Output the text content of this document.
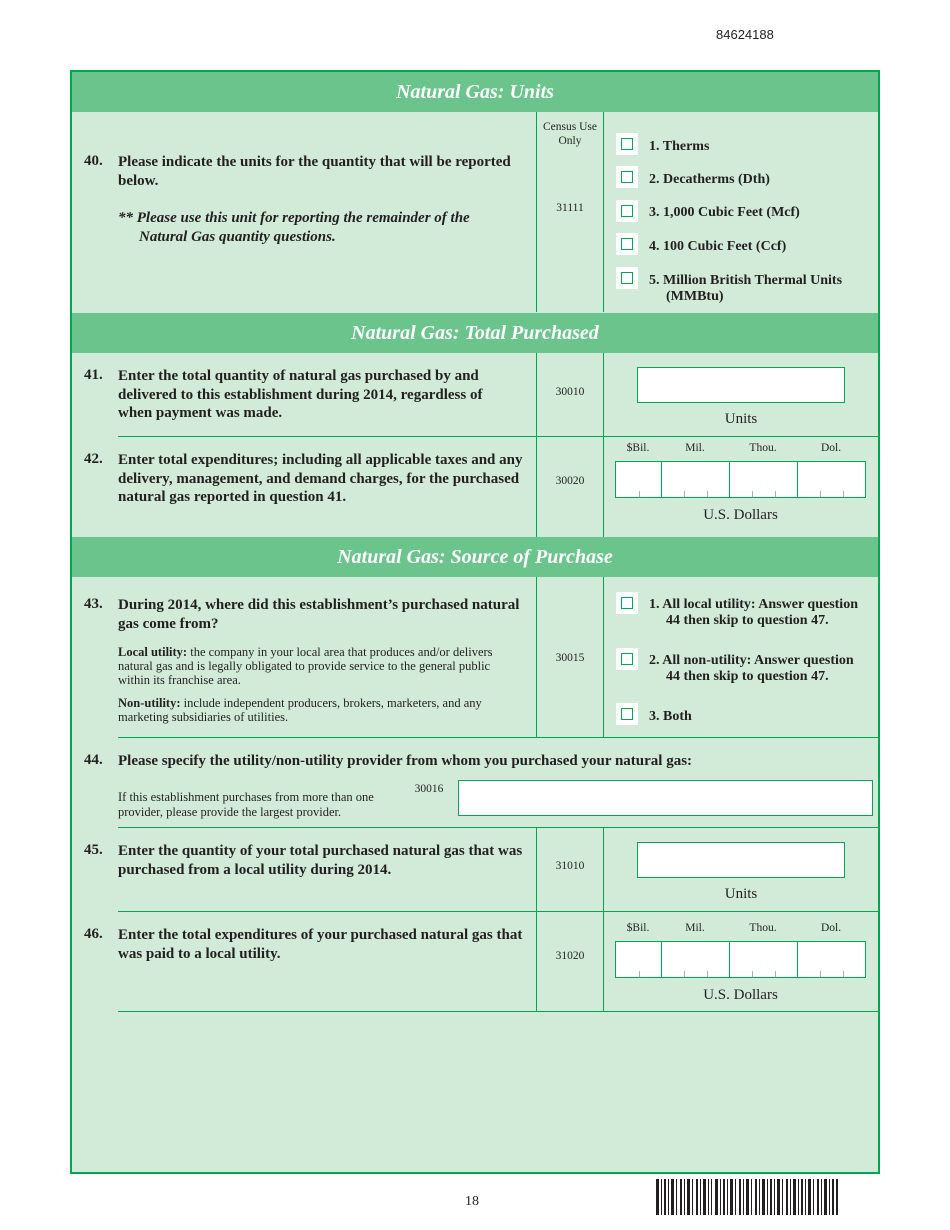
84624188
Natural Gas: Units
Census Use Only
40. Please indicate the units for the quantity that will be reported below.
** Please use this unit for reporting the remainder of the Natural Gas quantity questions.
31111
1. Therms
2. Decatherms (Dth)
3. 1,000 Cubic Feet (Mcf)
4. 100 Cubic Feet (Ccf)
5. Million British Thermal Units (MMBtu)
Natural Gas: Total Purchased
41. Enter the total quantity of natural gas purchased by and delivered to this establishment during 2014, regardless of when payment was made.
30010
Units
42. Enter total expenditures; including all applicable taxes and any delivery, management, and demand charges, for the purchased natural gas reported in question 41.
30020
$Bil.	Mil.	Thou.	Dol.
U.S. Dollars
Natural Gas: Source of Purchase
43. During 2014, where did this establishment’s purchased natural gas come from?
Local utility: the company in your local area that produces and/or delivers natural gas and is legally obligated to provide service to the general public within its franchise area.
Non-utility: include independent producers, brokers, marketers, and any marketing subsidiaries of utilities.
30015
1. All local utility: Answer question 44 then skip to question 47.
2. All non-utility: Answer question 44 then skip to question 47.
3. Both
44. Please specify the utility/non-utility provider from whom you purchased your natural gas:
If this establishment purchases from more than one provider, please provide the largest provider.
30016
45. Enter the quantity of your total purchased natural gas that was purchased from a local utility during 2014.	31010
Units
46. Enter the total expenditures of your purchased natural gas that was paid to a local utility.	31020
$Bil.	Mil.	Thou.	Dol.
U.S. Dollars
18
